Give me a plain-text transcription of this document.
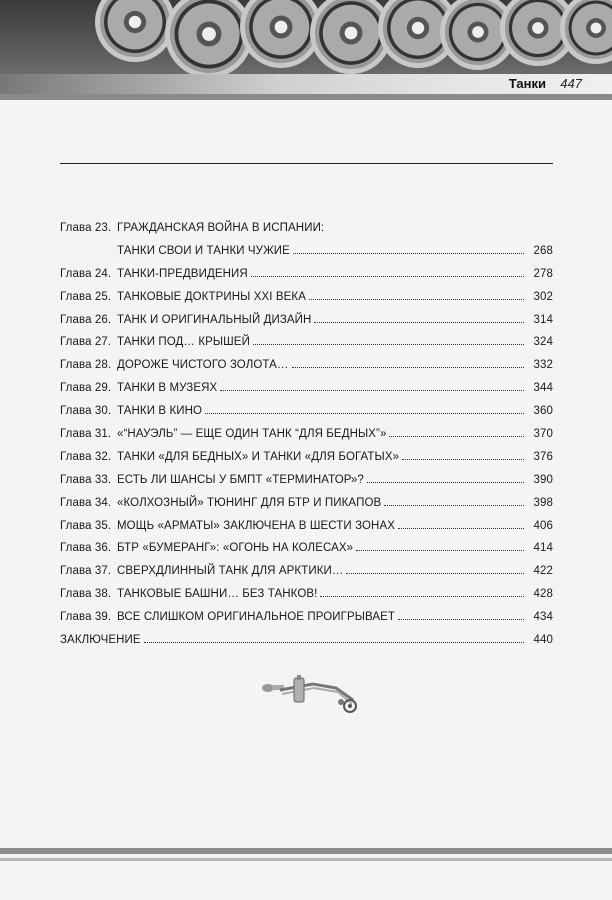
Танки 447
Глава 23. ГРАЖДАНСКАЯ ВОЙНА В ИСПАНИИ:
ТАНКИ СВОИ И ТАНКИ ЧУЖИЕ	268
Глава 24. ТАНКИ-ПРЕДВИДЕНИЯ	278
Глава 25. ТАНКОВЫЕ ДОКТРИНЫ XXI ВЕКА	302
Глава 26. ТАНК И ОРИГИНАЛЬНЫЙ ДИЗАЙН	314
Глава 27. ТАНКИ ПОД… КРЫШЕЙ	324
Глава 28. ДОРОЖЕ ЧИСТОГО ЗОЛОТА…	332
Глава 29. ТАНКИ В МУЗЕЯХ	344
Глава 30. ТАНКИ В КИНО	360
Глава 31. «“НАУЭЛЬ” — ЕЩЕ ОДИН ТАНК “ДЛЯ БЕДНЫХ”»	370
Глава 32. ТАНКИ «ДЛЯ БЕДНЫХ» И ТАНКИ «ДЛЯ БОГАТЫХ»	376
Глава 33. ЕСТЬ ЛИ ШАНСЫ У БМПТ «ТЕРМИНАТОР»?	390
Глава 34. «КОЛХОЗНЫЙ» ТЮНИНГ ДЛЯ БТР И ПИКАПОВ	398
Глава 35. МОЩЬ «АРМАТЫ» ЗАКЛЮЧЕНА В ШЕСТИ ЗОНАХ	406
Глава 36. БТР «БУМЕРАНГ»: «ОГОНЬ НА КОЛЕСАХ»	414
Глава 37. СВЕРХДЛИННЫЙ ТАНК ДЛЯ АРКТИКИ…	422
Глава 38. ТАНКОВЫЕ БАШНИ… БЕЗ ТАНКОВ!	428
Глава 39. ВСЕ СЛИШКОМ ОРИГИНАЛЬНОЕ ПРОИГРЫВАЕТ	434
ЗАКЛЮЧЕНИЕ	440
